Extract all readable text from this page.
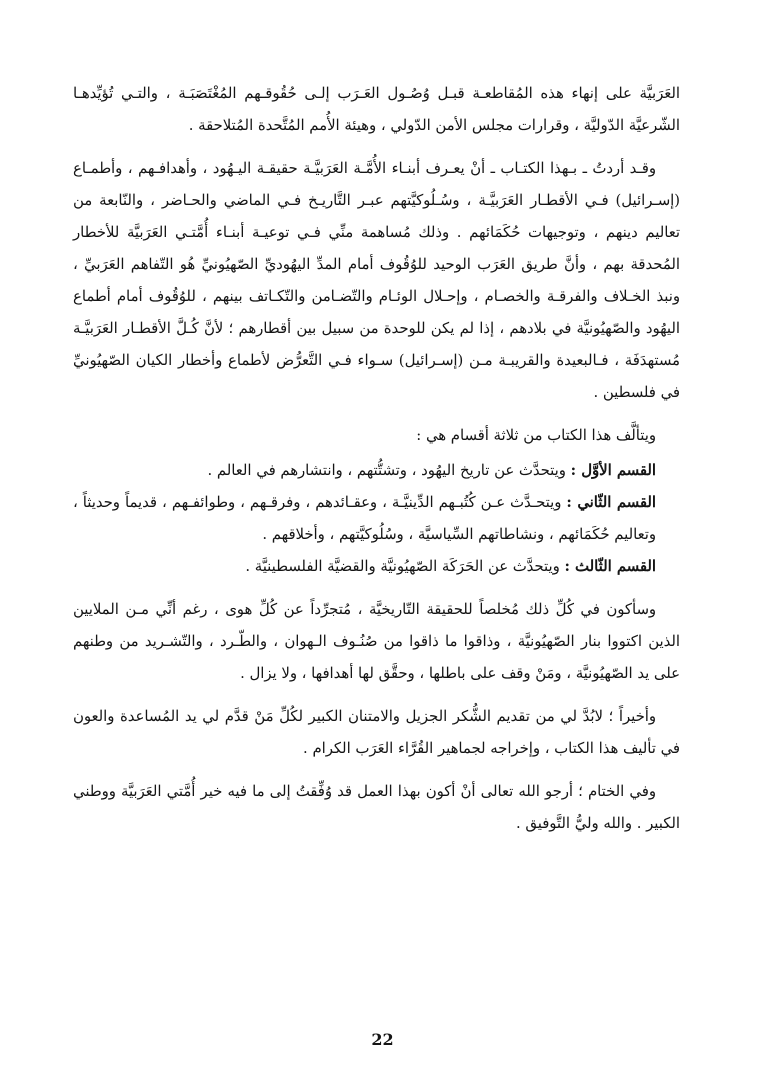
العَرَبيَّة على إنهاء هذه المُقاطعـة قبـل وُصُـول العَـرَب إلـى حُقُوقـهم المُغْتَصَبَـة ، والتـي تُؤيِّدهـا الشّرعيَّة الدّوليَّة ، وقرارات مجلس الأمن الدّولي ، وهيئة الأُمم المُتَّحدة المُتلاحقة .

وقـد أردتُ ـ بـهذا الكتـاب ـ أنْ يعـرف أبنـاء الأُمَّـة العَرَبيَّـة حقيقـة اليـهُود ، وأهدافـهم ، وأطمـاع (إسـرائيل) فـي الأقطـار العَرَبيَّـة ، وسُـلُوكيَّتهم عبـر التَّاريـخ فـي الماضي والحـاضر ، والنّابعة من تعاليم دينهم ، وتوجيهات حُكَمَائهم . وذلك مُساهمة منِّي فـي توعيـة أبنـاء أُمَّتـي العَرَبيَّة للأخطار المُحدقة بهم ، وأنَّ طريق العَرَب الوحيد للوُقُوف أمام المدِّ اليهُوديِّ الصّهيُونيِّ هُو التّفاهم العَرَبيِّ ، ونبذ الخـلاف والفرقـة والخصـام ، وإحـلال الوئـام والتّضـامن والتّكـاتف بينهم ، للوُقُوف أمام أطماع اليهُود والصّهيُونيَّة في بلادهم ، إذا لم يكن للوحدة من سبيل بين أقطارهم ؛ لأنَّ كُـلَّ الأقطـار العَرَبيَّـة مُستهدَفَة ، فـالبعيدة والقريبـة مـن (إسـرائيل) سـواء فـي التَّعرُّض لأطماع وأخطار الكيان الصّهيُونيِّ في فلسطين .

ويتألَّف هذا الكتاب من ثلاثة أقسام هي :

القسم الأوَّل : ويتحدَّث عن تاريخ اليهُود ، وتشتُّتهم ، وانتشارهم في العالم .

القسم الثّاني : ويتحـدَّث عـن كُتُبـهم الدِّينيَّـة ، وعقـائدهم ، وفرقـهم ، وطوائفـهم ، قديماً وحديثاً ، وتعاليم حُكَمَائهم ، ونشاطاتهم السِّياسيَّة ، وسُلُوكيَّتهم ، وأخلاقهم .

القسم الثّالث : ويتحدَّث عن الحَرَكَة الصّهيُونيَّة والقضيَّة الفلسطينيَّة .

وسأكون في كُلِّ ذلك مُخلصاً للحقيقة التّاريخيَّة ، مُتجرِّداً عن كُلِّ هوى ، رغم أنِّي مـن الملايين الذين اكتووا بنار الصّهيُونيَّة ، وذاقوا ما ذاقوا من صُنُـوف الـهوان ، والطّـرد ، والتّشـريد من وطنهم على يد الصّهيُونيَّة ، ومَنْ وقف على باطلها ، وحقَّق لها أهدافها ، ولا يزال .

وأخيراً ؛ لابُدَّ لي من تقديم الشُّكر الجزيل والامتنان الكبير لكُلِّ مَنْ قدَّم لي يد المُساعدة والعون في تأليف هذا الكتاب ، وإخراجه لجماهير القُرَّاء العَرَب الكرام .

وفي الختام ؛ أرجو الله تعالى أنْ أكون بهذا العمل قد وُفِّقتُ إلى ما فيه خير أُمَّتي العَرَبيَّة ووطني الكبير . والله وليُّ التَّوفيق .

22
